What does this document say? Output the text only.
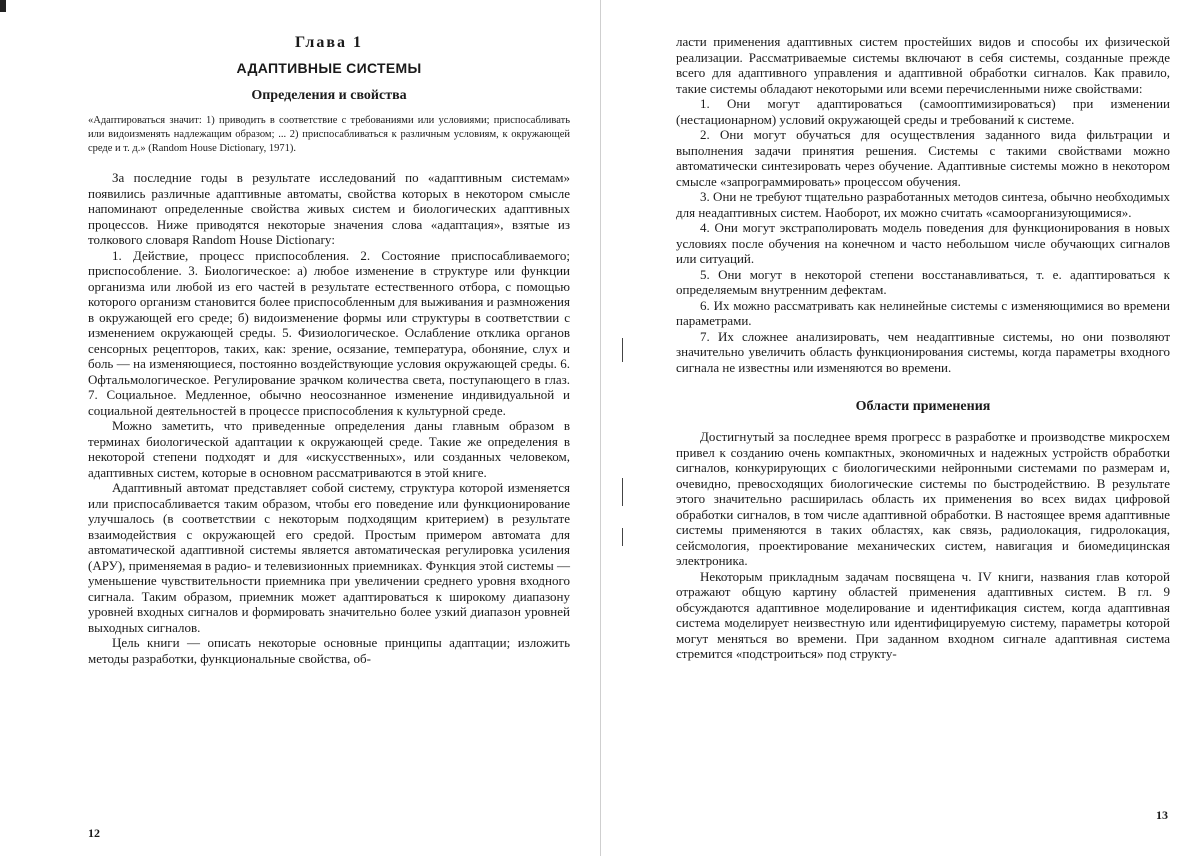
Глава 1
АДАПТИВНЫЕ СИСТЕМЫ
Определения и свойства
«Адаптироваться значит: 1) приводить в соответствие с требованиями или условиями; приспосабливать или видоизменять надлежащим образом; ... 2) приспосабливаться к различным условиям, к окружающей среде и т. д.» (Random House Dictionary, 1971).

За последние годы в результате исследований по «адаптивным системам» появились различные адаптивные автоматы, свойства которых в некотором смысле напоминают определенные свойства живых систем и биологических адаптивных процессов. Ниже приводятся некоторые значения слова «адаптация», взятые из толкового словаря Random House Dictionary:

1. Действие, процесс приспособления. 2. Состояние приспосабливаемого; приспособление. 3. Биологическое: а) любое изменение в структуре или функции организма или любой из его частей в результате естественного отбора, с помощью которого организм становится более приспособленным для выживания и размножения в окружающей его среде; б) видоизменение формы или структуры в соответствии с изменением окружающей среды. 5. Физиологическое. Ослабление отклика органов сенсорных рецепторов, таких, как: зрение, осязание, температура, обоняние, слух и боль — на изменяющиеся, постоянно воздействующие условия окружающей среды. 6. Офтальмологическое. Регулирование зрачком количества света, поступающего в глаз. 7. Социальное. Медленное, обычно неосознанное изменение индивидуальной и социальной деятельностей в процессе приспособления к культурной среде.

Можно заметить, что приведенные определения даны главным образом в терминах биологической адаптации к окружающей среде. Такие же определения в некоторой степени подходят и для «искусственных», или созданных человеком, адаптивных систем, которые в основном рассматриваются в этой книге.

Адаптивный автомат представляет собой систему, структура которой изменяется или приспосабливается таким образом, чтобы его поведение или функционирование улучшалось (в соответствии с некоторым подходящим критерием) в результате взаимодействия с окружающей его средой. Простым примером автомата для автоматической адаптивной системы является автоматическая регулировка усиления (АРУ), применяемая в радио- и телевизионных приемниках. Функция этой системы — уменьшение чувствительности приемника при увеличении среднего уровня входного сигнала. Таким образом, приемник может адаптироваться к широкому диапазону уровней входных сигналов и формировать значительно более узкий диапазон уровней выходных сигналов.

Цель книги — описать некоторые основные принципы адаптации; изложить методы разработки, функциональные свойства, об-

12

ласти применения адаптивных систем простейших видов и способы их физической реализации. Рассматриваемые системы включают в себя системы, созданные прежде всего для адаптивного управления и адаптивной обработки сигналов. Как правило, такие системы обладают некоторыми или всеми перечисленными ниже свойствами:

1. Они могут адаптироваться (самооптимизироваться) при изменении (нестационарном) условий окружающей среды и требований к системе.

2. Они могут обучаться для осуществления заданного вида фильтрации и выполнения задачи принятия решения. Системы с такими свойствами можно автоматически синтезировать через обучение. Адаптивные системы можно в некотором смысле «запрограммировать» процессом обучения.

3. Они не требуют тщательно разработанных методов синтеза, обычно необходимых для неадаптивных систем. Наоборот, их можно считать «самоорганизующимися».

4. Они могут экстраполировать модель поведения для функционирования в новых условиях после обучения на конечном и часто небольшом числе обучающих сигналов или ситуаций.

5. Они могут в некоторой степени восстанавливаться, т. е. адаптироваться к определяемым внутренним дефектам.

6. Их можно рассматривать как нелинейные системы с изменяющимися во времени параметрами.

7. Их сложнее анализировать, чем неадаптивные системы, но они позволяют значительно увеличить область функционирования системы, когда параметры входного сигнала не известны или изменяются во времени.

Области применения

Достигнутый за последнее время прогресс в разработке и производстве микросхем привел к созданию очень компактных, экономичных и надежных устройств обработки сигналов, конкурирующих с биологическими нейронными системами по размерам и, очевидно, превосходящих биологические системы по быстродействию. В результате этого значительно расширилась область их применения во всех видах цифровой обработки сигналов, в том числе адаптивной обработки. В настоящее время адаптивные системы применяются в таких областях, как связь, радиолокация, гидролокация, сейсмология, проектирование механических систем, навигация и биомедицинская электроника.

Некоторым прикладным задачам посвящена ч. IV книги, названия глав которой отражают общую картину областей применения адаптивных систем. В гл. 9 обсуждаются адаптивное моделирование и идентификация систем, когда адаптивная система моделирует неизвестную или идентифицируемую систему, параметры которой могут меняться во времени. При заданном входном сигнале адаптивная система стремится «подстроиться» под структу-

13
